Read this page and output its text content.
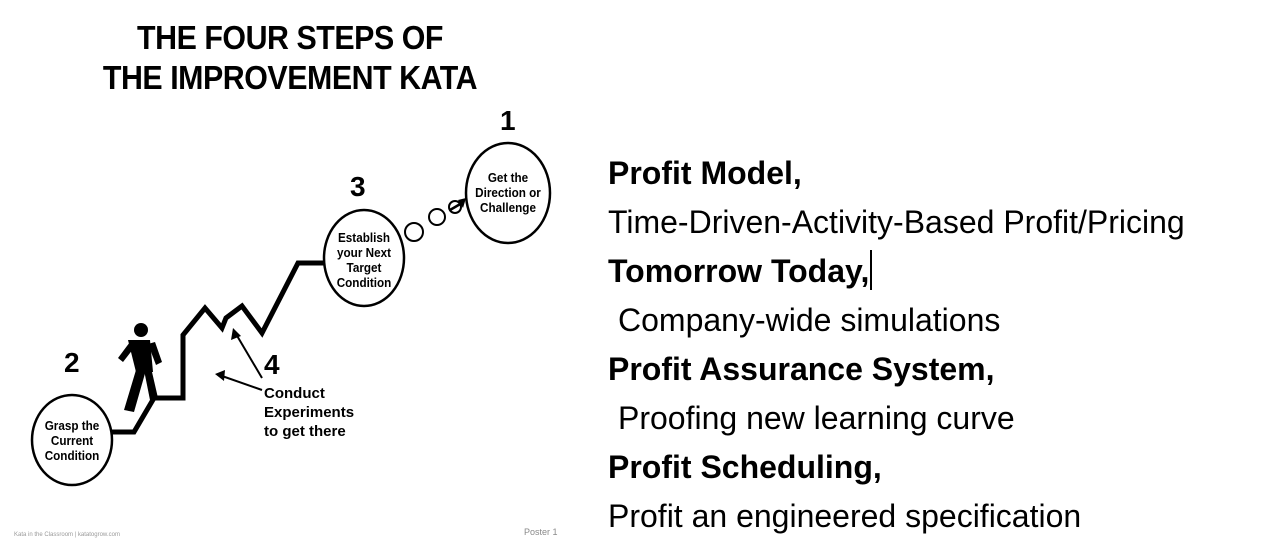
THE FOUR STEPS OF
THE IMPROVEMENT KATA
1
2
3
4
Get the
Direction or
Challenge
Grasp the
Current
Condition
Establish
your Next
Target
Condition
Conduct
Experiments
to get there
Kata in the Classroom | katatogrow.com	Poster 1
Profit Model,
Time-Driven-Activity-Based Profit/Pricing
Tomorrow Today,
Company-wide simulations
Profit Assurance System,
Proofing new learning curve
Profit Scheduling,
Profit an engineered specification
